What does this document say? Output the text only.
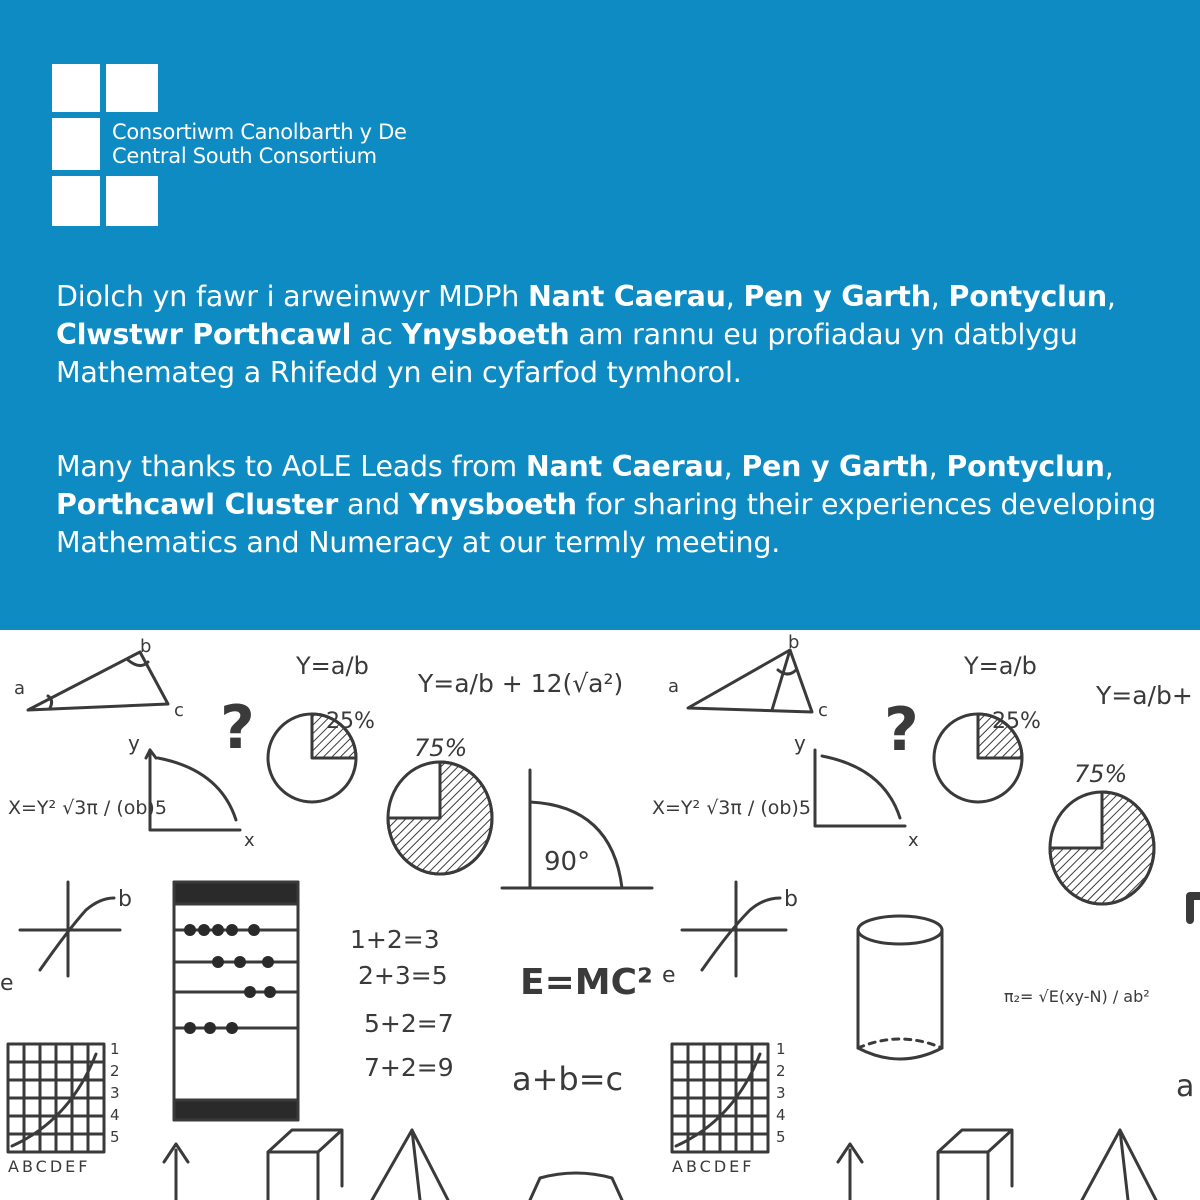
Consortiwm Canolbarth y De
Central South Consortium

Diolch yn fawr i arweinwyr MDPh Nant Caerau, Pen y Garth, Pontyclun, Clwstwr Porthcawl ac Ynysboeth am rannu eu profiadau yn datblygu Mathemateg a Rhifedd yn ein cyfarfod tymhorol.

Many thanks to AoLE Leads from Nant Caerau, Pen y Garth, Pontyclun, Porthcawl Cluster and Ynysboeth for sharing their experiences developing Mathematics and Numeracy at our termly meeting.

Y=a/b
Y=a/b + 12(√a²)
Y=a/b
Y=a/b+
25%
75%
25%
75%
?	?
X=Y² √3π / (ob)5	X=Y² √3π / (ob)5
90°
1+2=3
2+3=5
5+2=7
7+2=9
E=MC²
a+b=c
π₂= √E(xy-N) / ab²
ABCDEF	ABCDEF
1
2
3
4
5
1
2
3
4
5
a
b
c
a
b
c
y
x
y
x
b	b
e	e
a
